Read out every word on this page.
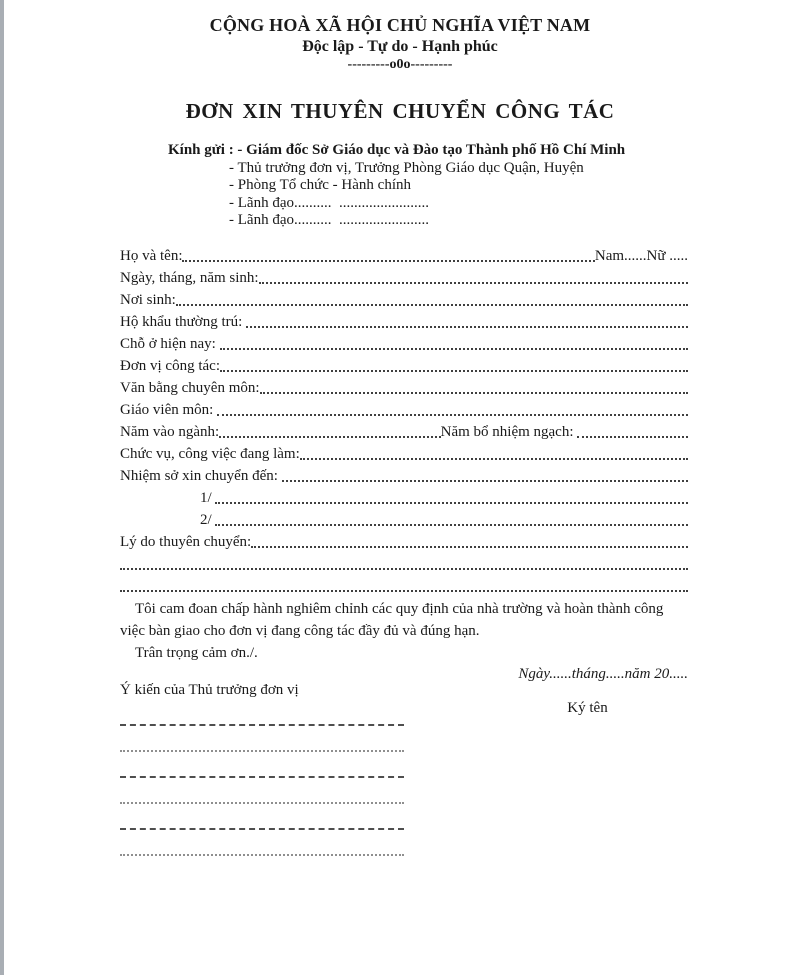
CỘNG HOÀ XÃ HỘI CHỦ NGHĨA VIỆT NAM
Độc lập - Tự do - Hạnh phúc
---------o0o---------
ĐƠN XIN THUYÊN CHUYỂN CÔNG TÁC
Kính gửi : - Giám đốc Sở Giáo dục và Đào tạo Thành phố Hồ Chí Minh
- Thủ trưởng đơn vị, Trưởng Phòng Giáo dục Quận, Huyện
- Phòng Tổ chức - Hành chính
- Lãnh đạo..........  ........................
- Lãnh đạo..........  ........................
Họ và tên:	Nam......Nữ .....
Ngày, tháng, năm sinh:
Nơi sinh:
Hộ khẩu thường trú:
Chỗ ở hiện nay:
Đơn vị công tác:
Văn bằng chuyên môn:
Giáo viên môn:
Năm vào ngành:	Năm bổ nhiệm ngạch:
Chức vụ, công việc đang làm:
Nhiệm sở xin chuyển đến:
1/
2/
Lý do thuyên chuyển:

Tôi cam đoan chấp hành nghiêm chỉnh các quy định của nhà trường và hoàn thành công việc bàn giao cho đơn vị đang công tác đầy đủ và đúng hạn.

Trân trọng cảm ơn./.

Ngày......tháng.....năm 20.....
Ý kiến của Thủ trưởng đơn vị
Ký tên
